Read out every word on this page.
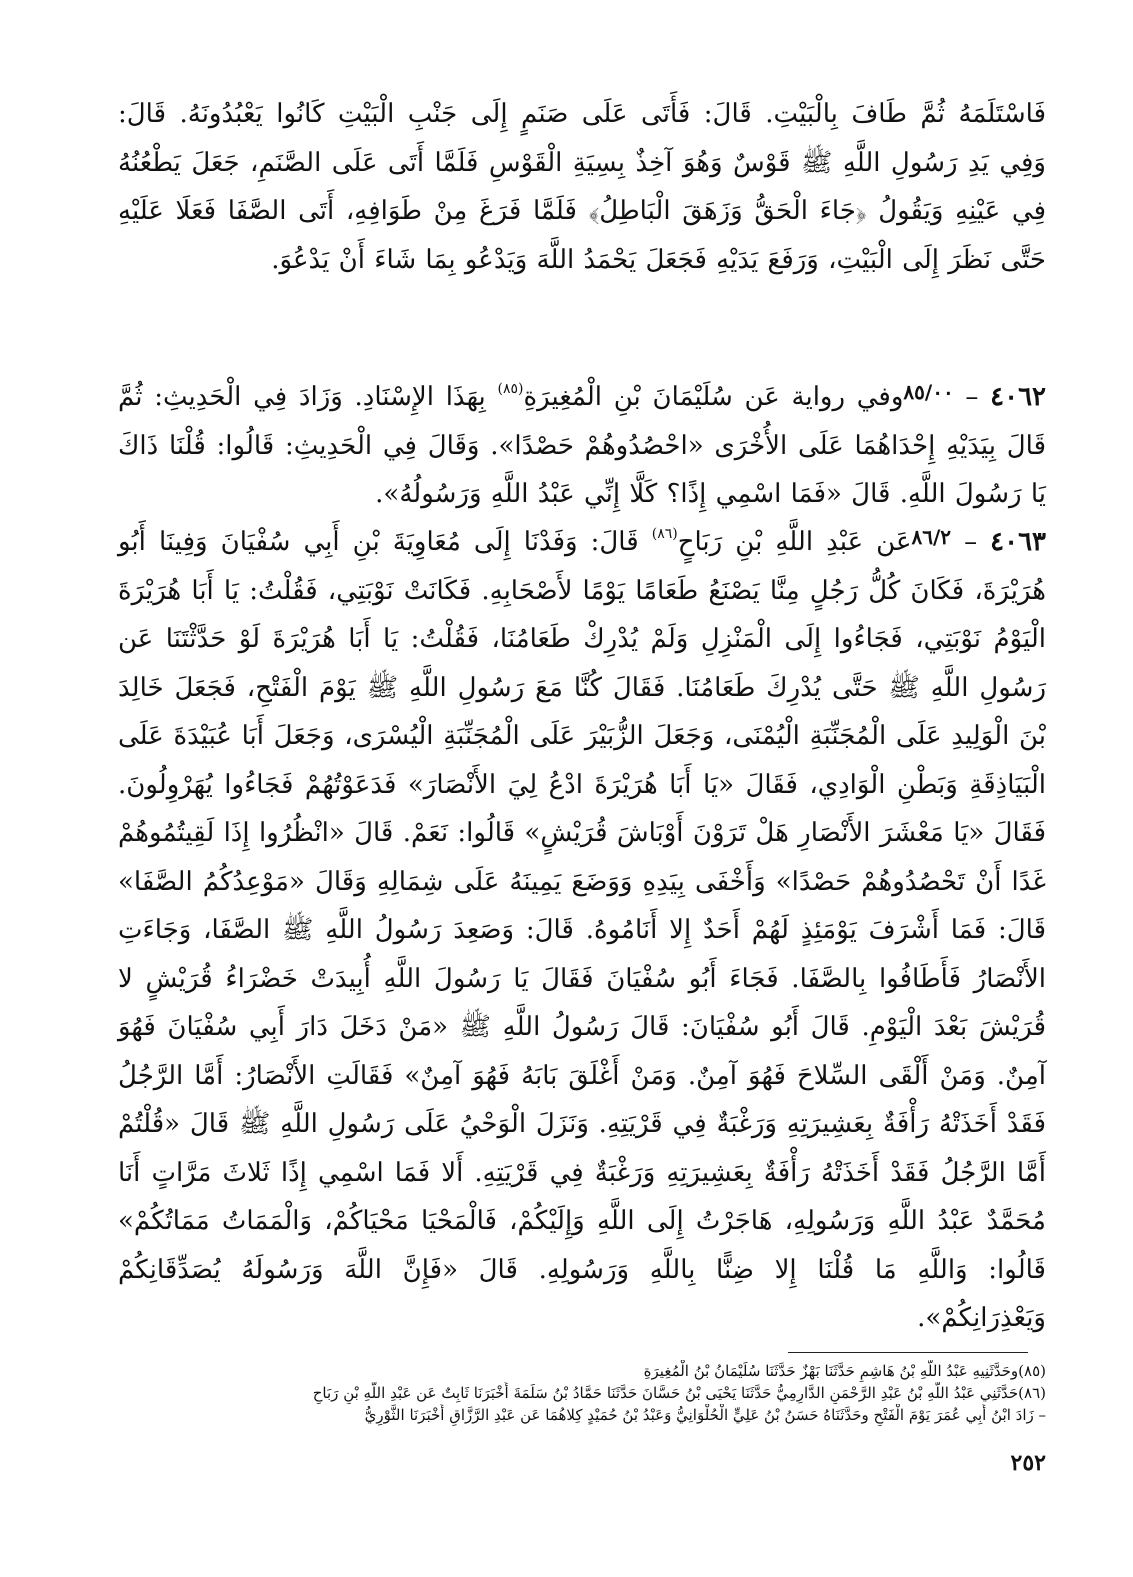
فَاسْتَلَمَهُ ثُمَّ طَافَ بِالْبَيْتِ. قَالَ: فَأَتَى عَلَى صَنَمٍ إِلَى جَنْبِ الْبَيْتِ كَانُوا يَعْبُدُونَهُ. قَالَ: وَفِي يَدِ رَسُولِ اللَّهِ ﷺ قَوْسٌ وَهُوَ آخِذٌ بِسِيَةِ الْقَوْسِ فَلَمَّا أَتَى عَلَى الصَّنَمِ، جَعَلَ يَطْعُنُهُ فِي عَيْنِهِ وَيَقُولُ ﴿جَاءَ الْحَقُّ وَزَهَقَ الْبَاطِلُ﴾ فَلَمَّا فَرَغَ مِنْ طَوَافِهِ، أَتَى الصَّفَا فَعَلَا عَلَيْهِ حَتَّى نَظَرَ إِلَى الْبَيْتِ، وَرَفَعَ يَدَيْهِ فَجَعَلَ يَحْمَدُ اللَّهَ وَيَدْعُو بِمَا شَاءَ أَنْ يَدْعُوَ.

٤٠٦٢ – $^{٨٥/٠٠}$وفي رواية عَن سُلَيْمَانَ بْنِ الْمُغِيرَةِ$^{(٨٥)}$ بِهَذَا الإِسْنَادِ. وَزَادَ فِي الْحَدِيثِ: ثُمَّ قَالَ بِيَدَيْهِ إِحْدَاهُمَا عَلَى الأُخْرَى «احْصُدُوهُمْ حَصْدًا». وَقَالَ فِي الْحَدِيثِ: قَالُوا: قُلْنَا ذَاكَ يَا رَسُولَ اللَّهِ. قَالَ «فَمَا اسْمِي إِذًا؟ كَلَّا إِنِّي عَبْدُ اللَّهِ وَرَسُولُهُ».

٤٠٦٣ – $^{٨٦/٢}$عَن عَبْدِ اللَّهِ بْنِ رَبَاحٍ$^{(٨٦)}$ قَالَ: وَفَدْنَا إِلَى مُعَاوِيَةَ بْنِ أَبِي سُفْيَانَ وَفِينَا أَبُو هُرَيْرَةَ، فَكَانَ كُلُّ رَجُلٍ مِنَّا يَصْنَعُ طَعَامًا يَوْمًا لأَصْحَابِهِ. فَكَانَتْ نَوْبَتِي، فَقُلْتُ: يَا أَبَا هُرَيْرَةَ الْيَوْمُ نَوْبَتِي، فَجَاءُوا إِلَى الْمَنْزِلِ وَلَمْ يُدْرِكْ طَعَامُنَا، فَقُلْتُ: يَا أَبَا هُرَيْرَةَ لَوْ حَدَّثْتَنَا عَن رَسُولِ اللَّهِ ﷺ حَتَّى يُدْرِكَ طَعَامُنَا. فَقَالَ كُنَّا مَعَ رَسُولِ اللَّهِ ﷺ يَوْمَ الْفَتْحِ، فَجَعَلَ خَالِدَ بْنَ الْوَلِيدِ عَلَى الْمُجَنِّبَةِ الْيُمْنَى، وَجَعَلَ الزُّبَيْرَ عَلَى الْمُجَنِّبَةِ الْيُسْرَى، وَجَعَلَ أَبَا عُبَيْدَةَ عَلَى الْبَيَاذِقَةِ وَبَطْنِ الْوَادِي، فَقَالَ «يَا أَبَا هُرَيْرَةَ ادْعُ لِيَ الأَنْصَارَ» فَدَعَوْتُهُمْ فَجَاءُوا يُهَرْوِلُونَ. فَقَالَ «يَا مَعْشَرَ الأَنْصَارِ هَلْ تَرَوْنَ أَوْبَاشَ قُرَيْشٍ» قَالُوا: نَعَمْ. قَالَ «انْظُرُوا إِذَا لَقِيتُمُوهُمْ غَدًا أَنْ تَحْصُدُوهُمْ حَصْدًا» وَأَخْفَى بِيَدِهِ وَوَضَعَ يَمِينَهُ عَلَى شِمَالِهِ وَقَالَ «مَوْعِدُكُمُ الصَّفَا» قَالَ: فَمَا أَشْرَفَ يَوْمَئِذٍ لَهُمْ أَحَدٌ إِلا أَنَامُوهُ. قَالَ: وَصَعِدَ رَسُولُ اللَّهِ ﷺ الصَّفَا، وَجَاءَتِ الأَنْصَارُ فَأَطَافُوا بِالصَّفَا. فَجَاءَ أَبُو سُفْيَانَ فَقَالَ يَا رَسُولَ اللَّهِ أُبِيدَتْ خَضْرَاءُ قُرَيْشٍ لا قُرَيْشَ بَعْدَ الْيَوْمِ. قَالَ أَبُو سُفْيَانَ: قَالَ رَسُولُ اللَّهِ ﷺ «مَنْ دَخَلَ دَارَ أَبِي سُفْيَانَ فَهُوَ آمِنٌ. وَمَنْ أَلْقَى السِّلاحَ فَهُوَ آمِنٌ. وَمَنْ أَغْلَقَ بَابَهُ فَهُوَ آمِنٌ» فَقَالَتِ الأَنْصَارُ: أَمَّا الرَّجُلُ فَقَدْ أَخَذَتْهُ رَأْفَةٌ بِعَشِيرَتِهِ وَرَغْبَةٌ فِي قَرْيَتِهِ. وَنَزَلَ الْوَحْيُ عَلَى رَسُولِ اللَّهِ ﷺ قَالَ «قُلْتُمْ أَمَّا الرَّجُلُ فَقَدْ أَخَذَتْهُ رَأْفَةٌ بِعَشِيرَتِهِ وَرَغْبَةٌ فِي قَرْيَتِهِ. أَلا فَمَا اسْمِي إِذًا ثَلاثَ مَرَّاتٍ أَنَا مُحَمَّدٌ عَبْدُ اللَّهِ وَرَسُولِهِ، هَاجَرْتُ إِلَى اللَّهِ وَإِلَيْكُمْ، فَالْمَحْيَا مَحْيَاكُمْ، وَالْمَمَاتُ مَمَاتُكُمْ» قَالُوا: وَاللَّهِ مَا قُلْنَا إِلا ضِنًّا بِاللَّهِ وَرَسُولِهِ. قَالَ «فَإِنَّ اللَّهَ وَرَسُولَهُ يُصَدِّقَانِكُمْ وَيَعْذِرَانِكُمْ».

(٨٥)وحَدَّثَنِيهِ عَبْدُ اللَّهِ بْنُ هَاشِمٍ حَدَّثَنَا بَهْزٌ حَدَّثَنَا سُلَيْمَانُ بْنُ الْمُغِيرَةِ

(٨٦)حَدَّثَنِي عَبْدُ اللَّهِ بْنُ عَبْدِ الرَّحْمَنِ الدَّارِمِيُّ حَدَّثَنَا يَحْيَى بْنُ حَسَّانَ حَدَّثَنَا حَمَّادُ بْنُ سَلَمَةَ أَخْبَرَنَا ثَابِتٌ عَن عَبْدِ اللَّهِ بْنِ رَبَاحٍ

– زَادَ ابْنُ أَبِي عُمَرَ يَوْمَ الْفَتْحِ وحَدَّثَنَاهُ حَسَنُ بْنُ عَلِيٍّ الْحُلْوَانِيُّ وَعَبْدُ بْنُ حُمَيْدٍ كِلاهُمَا عَن عَبْدِ الرَّزَّاقِ أَخْبَرَنَا الثَّوْرِيُّ

٢٥٢
